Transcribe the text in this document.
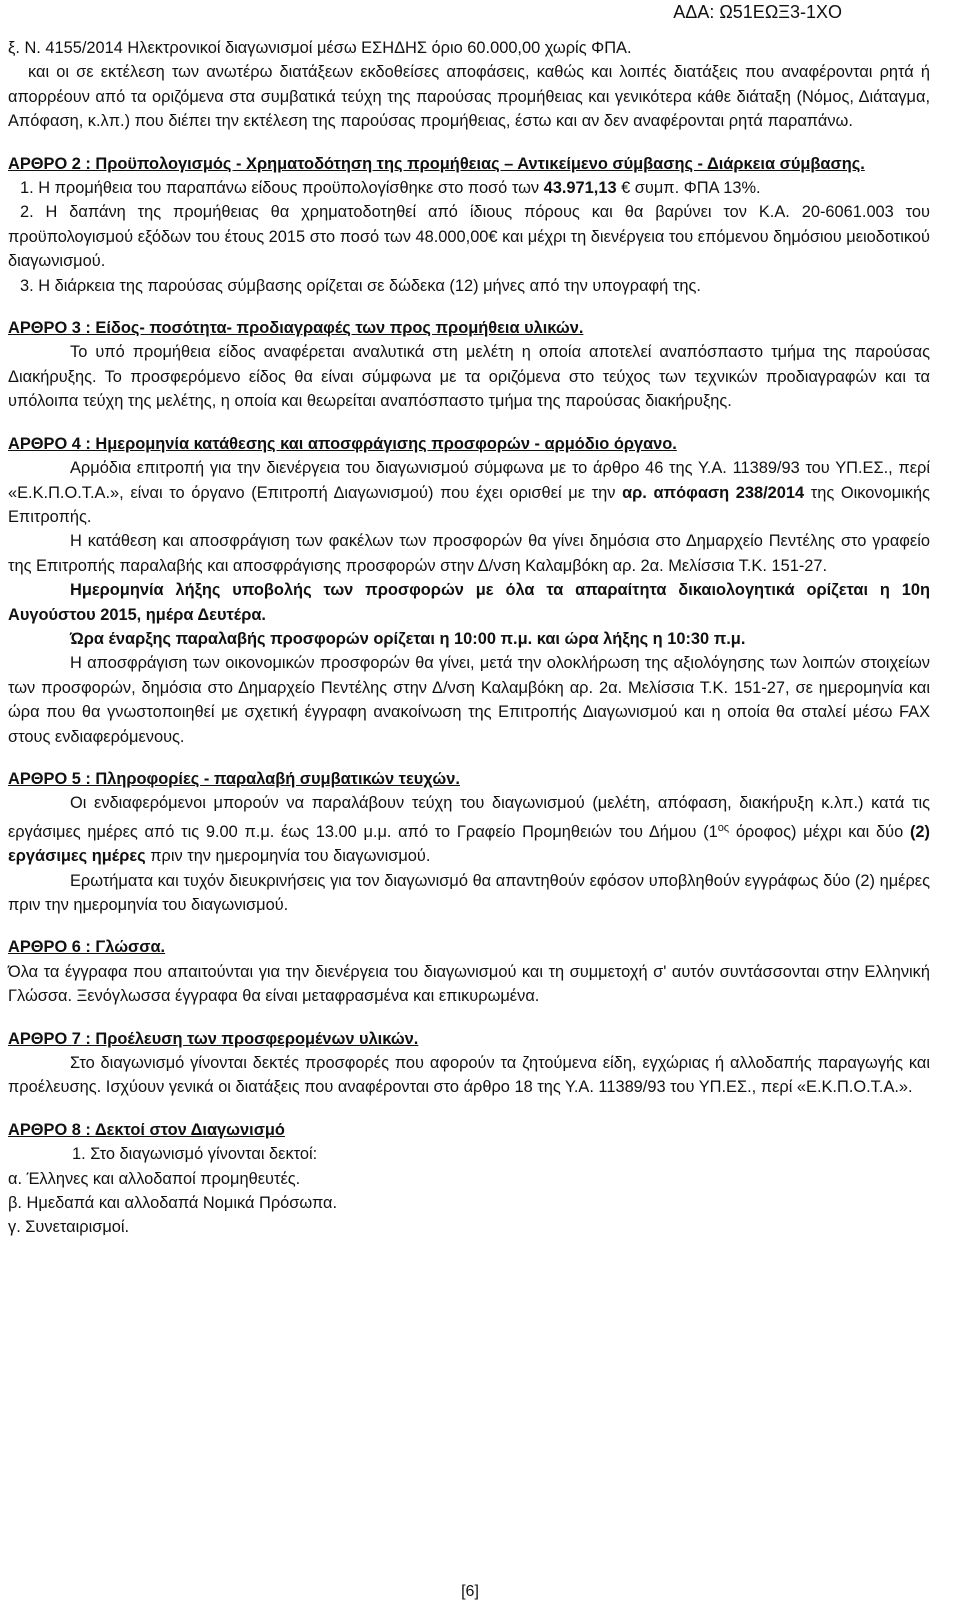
ΑΔΑ: Ω51ΕΩΞ3-1ΧΟ

ξ. Ν. 4155/2014 Ηλεκτρονικοί διαγωνισμοί μέσω ΕΣΗΔΗΣ όριο 60.000,00 χωρίς ΦΠΑ.

και οι σε εκτέλεση των ανωτέρω διατάξεων εκδοθείσες αποφάσεις, καθώς και λοιπές διατάξεις που αναφέρονται ρητά ή απορρέουν από τα οριζόμενα στα συμβατικά τεύχη της παρούσας προμήθειας και γενικότερα κάθε διάταξη (Νόμος, Διάταγμα, Απόφαση, κ.λπ.) που διέπει την εκτέλεση της παρούσας προμήθειας, έστω και αν δεν αναφέρονται ρητά παραπάνω.

ΑΡΘΡΟ 2 : Προϋπολογισμός - Χρηματοδότηση της προμήθειας – Αντικείμενο σύμβασης - Διάρκεια σύμβασης.

1. Η προμήθεια του παραπάνω είδους προϋπολογίσθηκε στο ποσό των 43.971,13 € συμπ. ΦΠΑ 13%.

2. Η δαπάνη της προμήθειας θα χρηματοδοτηθεί από ίδιους πόρους και θα βαρύνει τον Κ.Α. 20-6061.003 του προϋπολογισμού εξόδων του έτους 2015 στο ποσό των 48.000,00€ και μέχρι τη διενέργεια του επόμενου δημόσιου μειοδοτικού διαγωνισμού.

3. Η διάρκεια της παρούσας σύμβασης ορίζεται σε δώδεκα (12) μήνες από την υπογραφή της.

ΑΡΘΡΟ 3 : Είδος- ποσότητα- προδιαγραφές των προς προμήθεια υλικών.

Το υπό προμήθεια είδος αναφέρεται αναλυτικά στη μελέτη η οποία αποτελεί αναπόσπαστο τμήμα της παρούσας Διακήρυξης. Το προσφερόμενο είδος θα είναι σύμφωνα με τα οριζόμενα στο τεύχος των τεχνικών προδιαγραφών και τα υπόλοιπα τεύχη της μελέτης, η οποία και θεωρείται αναπόσπαστο τμήμα της παρούσας διακήρυξης.

ΑΡΘΡΟ 4 : Ημερομηνία κατάθεσης και αποσφράγισης προσφορών - αρμόδιο όργανο.

Αρμόδια επιτροπή για την διενέργεια του διαγωνισμού σύμφωνα με το άρθρο 46 της Υ.Α. 11389/93 του ΥΠ.ΕΣ., περί «Ε.Κ.Π.Ο.Τ.Α.», είναι το όργανο (Επιτροπή Διαγωνισμού) που έχει ορισθεί με την αρ. απόφαση 238/2014 της Οικονομικής Επιτροπής.

Η κατάθεση και αποσφράγιση των φακέλων των προσφορών θα γίνει δημόσια στο Δημαρχείο Πεντέλης στο γραφείο της Επιτροπής παραλαβής και αποσφράγισης προσφορών στην Δ/νση Καλαμβόκη αρ. 2α. Μελίσσια Τ.Κ. 151-27.

Ημερομηνία λήξης υποβολής των προσφορών με όλα τα απαραίτητα δικαιολογητικά ορίζεται η 10η Αυγούστου 2015, ημέρα Δευτέρα.

Ώρα έναρξης παραλαβής προσφορών ορίζεται η 10:00 π.μ. και ώρα λήξης η 10:30 π.μ.

Η αποσφράγιση των οικονομικών προσφορών θα γίνει, μετά την ολοκλήρωση της αξιολόγησης των λοιπών στοιχείων των προσφορών, δημόσια στο Δημαρχείο Πεντέλης στην Δ/νση Καλαμβόκη αρ. 2α. Μελίσσια Τ.Κ. 151-27, σε ημερομηνία και ώρα που θα γνωστοποιηθεί με σχετική έγγραφη ανακοίνωση της Επιτροπής Διαγωνισμού και η οποία θα σταλεί μέσω FAX στους ενδιαφερόμενους.

ΑΡΘΡΟ 5 : Πληροφορίες - παραλαβή συμβατικών τευχών.

Οι ενδιαφερόμενοι μπορούν να παραλάβουν τεύχη του διαγωνισμού (μελέτη, απόφαση, διακήρυξη κ.λπ.) κατά τις εργάσιμες ημέρες από τις 9.00 π.μ. έως 13.00 μ.μ. από το Γραφείο Προμηθειών του Δήμου ($1^{o\varsigma}$ όροφος) μέχρι και δύο (2) εργάσιμες ημέρες πριν την ημερομηνία του διαγωνισμού.

Ερωτήματα και τυχόν διευκρινήσεις για τον διαγωνισμό θα απαντηθούν εφόσον υποβληθούν εγγράφως δύο (2) ημέρες πριν την ημερομηνία του διαγωνισμού.

ΑΡΘΡΟ 6 : Γλώσσα.

Όλα τα έγγραφα που απαιτούνται για την διενέργεια του διαγωνισμού και τη συμμετοχή σ' αυτόν συντάσσονται στην Ελληνική Γλώσσα. Ξενόγλωσσα έγγραφα θα είναι μεταφρασμένα και επικυρωμένα.

ΑΡΘΡΟ 7 : Προέλευση των προσφερομένων υλικών.

Στο διαγωνισμό γίνονται δεκτές προσφορές που αφορούν τα ζητούμενα είδη, εγχώριας ή αλλοδαπής παραγωγής και προέλευσης. Ισχύουν γενικά οι διατάξεις που αναφέρονται στο άρθρο 18 της Υ.Α. 11389/93 του ΥΠ.ΕΣ., περί «Ε.Κ.Π.Ο.Τ.Α.».

ΑΡΘΡΟ 8 : Δεκτοί στον Διαγωνισμό

1. Στο διαγωνισμό γίνονται δεκτοί:

α. Έλληνες και αλλοδαποί προμηθευτές.

β. Ημεδαπά και αλλοδαπά Νομικά Πρόσωπα.

γ. Συνεταιρισμοί.

[6]
